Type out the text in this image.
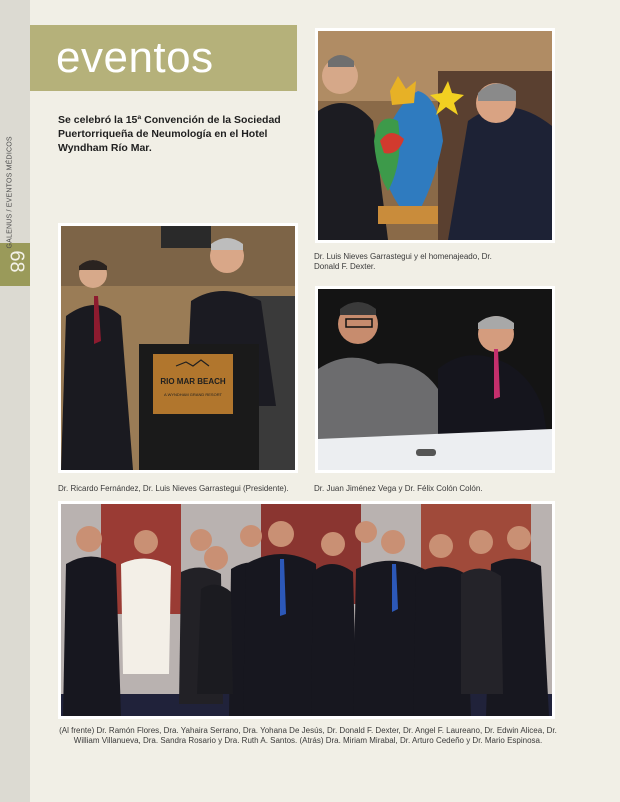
68
GALENUS / EVENTOS MÉDICOS
eventos
Se celebró la 15ª Convención de la Sociedad Puertorriqueña de Neumología en el Hotel Wyndham Río Mar.
Dr. Luis Nieves Garrastegui y el homenajeado, Dr. Donald F. Dexter.
RIO MAR BEACH
A WYNDHAM GRAND RESORT
Dr. Ricardo Fernández, Dr. Luis Nieves Garrastegui (Presidente).	Dr. Juan Jiménez Vega y Dr. Félix Colón Colón.
(Al frente) Dr. Ramón Flores, Dra. Yahaira Serrano, Dra. Yohana De Jesús, Dr. Donald F. Dexter, Dr. Angel F. Laureano, Dr. Edwin Alicea, Dr. William Villanueva, Dra. Sandra Rosario y Dra. Ruth A. Santos. (Atrás) Dra. Miriam Mirabal, Dr. Arturo Cedeño y Dr. Mario Espinosa.
